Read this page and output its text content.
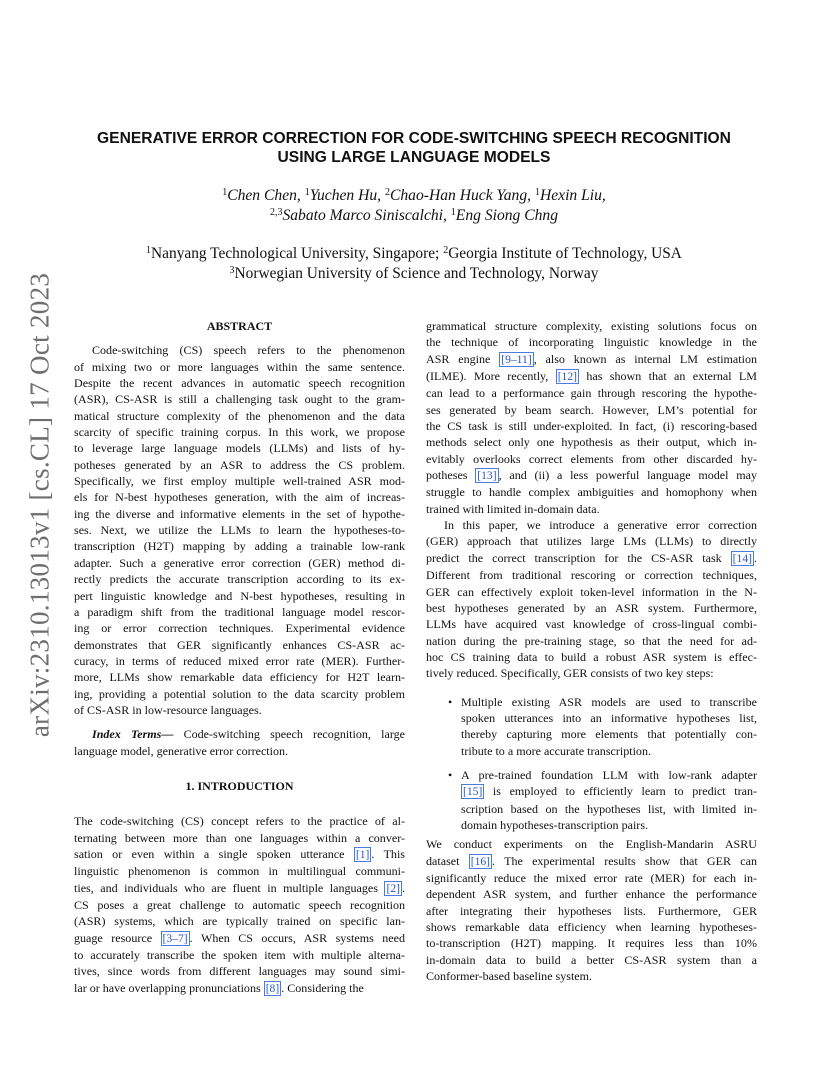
arXiv:2310.13013v1 [cs.CL] 17 Oct 2023
GENERATIVE ERROR CORRECTION FOR CODE-SWITCHING SPEECH RECOGNITION
USING LARGE LANGUAGE MODELS
$^1$Chen Chen, $^1$Yuchen Hu, $^2$Chao-Han Huck Yang, $^1$Hexin Liu,
$^{2,3}$Sabato Marco Siniscalchi, $^1$Eng Siong Chng
$^1$Nanyang Technological University, Singapore; $^2$Georgia Institute of Technology, USA
$^3$Norwegian University of Science and Technology, Norway
ABSTRACT
Code-switching (CS) speech refers to the phenomenon
of mixing two or more languages within the same sentence.
Despite the recent advances in automatic speech recognition
(ASR), CS-ASR is still a challenging task ought to the gram-
matical structure complexity of the phenomenon and the data
scarcity of specific training corpus. In this work, we propose
to leverage large language models (LLMs) and lists of hy-
potheses generated by an ASR to address the CS problem.
Specifically, we first employ multiple well-trained ASR mod-
els for N-best hypotheses generation, with the aim of increas-
ing the diverse and informative elements in the set of hypothe-
ses. Next, we utilize the LLMs to learn the hypotheses-to-
transcription (H2T) mapping by adding a trainable low-rank
adapter. Such a generative error correction (GER) method di-
rectly predicts the accurate transcription according to its ex-
pert linguistic knowledge and N-best hypotheses, resulting in
a paradigm shift from the traditional language model rescor-
ing or error correction techniques. Experimental evidence
demonstrates that GER significantly enhances CS-ASR ac-
curacy, in terms of reduced mixed error rate (MER). Further-
more, LLMs show remarkable data efficiency for H2T learn-
ing, providing a potential solution to the data scarcity problem
of CS-ASR in low-resource languages.
Index Terms— Code-switching speech recognition, large
language model, generative error correction.
1. INTRODUCTION
The code-switching (CS) concept refers to the practice of al-
ternating between more than one languages within a conver-
sation or even within a single spoken utterance [1] . This
linguistic phenomenon is common in multilingual communi-
ties, and individuals who are fluent in multiple languages [2] .
CS poses a great challenge to automatic speech recognition
(ASR) systems, which are typically trained on specific lan-
guage resource [3–7] . When CS occurs, ASR systems need
to accurately transcribe the spoken item with multiple alterna-
tives, since words from different languages may sound simi-
lar or have overlapping pronunciations [8] . Considering the
grammatical structure complexity, existing solutions focus on
the technique of incorporating linguistic knowledge in the
ASR engine [9–11] , also known as internal LM estimation
(ILME). More recently, [12] has shown that an external LM
can lead to a performance gain through rescoring the hypothe-
ses generated by beam search. However, LM’s potential for
the CS task is still under-exploited. In fact, (i) rescoring-based
methods select only one hypothesis as their output, which in-
evitably overlooks correct elements from other discarded hy-
potheses [13] , and (ii) a less powerful language model may
struggle to handle complex ambiguities and homophony when
trained with limited in-domain data.
In this paper, we introduce a generative error correction
(GER) approach that utilizes large LMs (LLMs) to directly
predict the correct transcription for the CS-ASR task [14] .
Different from traditional rescoring or correction techniques,
GER can effectively exploit token-level information in the N-
best hypotheses generated by an ASR system. Furthermore,
LLMs have acquired vast knowledge of cross-lingual combi-
nation during the pre-training stage, so that the need for ad-
hoc CS training data to build a robust ASR system is effec-
tively reduced. Specifically, GER consists of two key steps:
• Multiple existing ASR models are used to transcribe
spoken utterances into an informative hypotheses list,
thereby capturing more elements that potentially con-
tribute to a more accurate transcription.
• A pre-trained foundation LLM with low-rank adapter
[15] is employed to efficiently learn to predict tran-
scription based on the hypotheses list, with limited in-
domain hypotheses-transcription pairs.
We conduct experiments on the English-Mandarin ASRU
dataset [16] . The experimental results show that GER can
significantly reduce the mixed error rate (MER) for each in-
dependent ASR system, and further enhance the performance
after integrating their hypotheses lists. Furthermore, GER
shows remarkable data efficiency when learning hypotheses-
to-transcription (H2T) mapping. It requires less than 10%
in-domain data to build a better CS-ASR system than a
Conformer-based baseline system.
